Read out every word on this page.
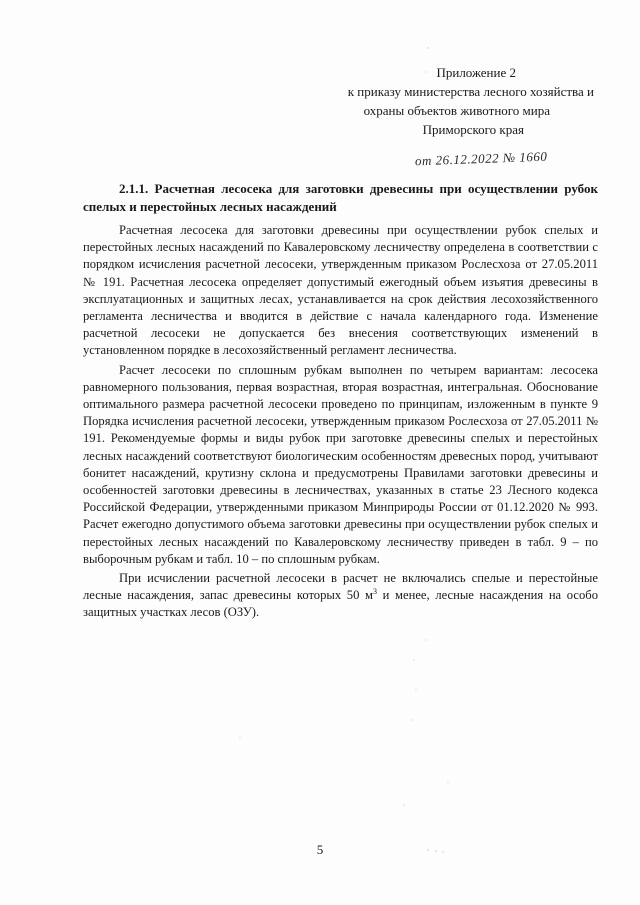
Приложение 2
к приказу министерства лесного хозяйства и
охраны объектов животного мира
Приморского края
от 26.12.2022 № 1660
2.1.1. Расчетная лесосека для заготовки древесины при осуществлении рубок спелых и перестойных лесных насаждений

Расчетная лесосека для заготовки древесины при осуществлении рубок спелых и перестойных лесных насаждений по Кавалеровскому лесничеству определена в соответствии с порядком исчисления расчетной лесосеки, утвержденным приказом Рослесхоза от 27.05.2011 № 191. Расчетная лесосека определяет допустимый ежегодный объем изъятия древесины в эксплуатационных и защитных лесах, устанавливается на срок действия лесохозяйственного регламента лесничества и вводится в действие с начала календарного года. Изменение расчетной лесосеки не допускается без внесения соответствующих изменений в установленном порядке в лесохозяйственный регламент лесничества.

Расчет лесосеки по сплошным рубкам выполнен по четырем вариантам: лесосека равномерного пользования, первая возрастная, вторая возрастная, интегральная. Обоснование оптимального размера расчетной лесосеки проведено по принципам, изложенным в пункте 9 Порядка исчисления расчетной лесосеки, утвержденным приказом Рослесхоза от 27.05.2011 № 191. Рекомендуемые формы и виды рубок при заготовке древесины спелых и перестойных лесных насаждений соответствуют биологическим особенностям древесных пород, учитывают бонитет насаждений, крутизну склона и предусмотрены Правилами заготовки древесины и особенностей заготовки древесины в лесничествах, указанных в статье 23 Лесного кодекса Российской Федерации, утвержденными приказом Минприроды России от 01.12.2020 № 993. Расчет ежегодно допустимого объема заготовки древесины при осуществлении рубок спелых и перестойных лесных насаждений по Кавалеровскому лесничеству приведен в табл. 9 – по выборочным рубкам и табл. 10 – по сплошным рубкам.

При исчислении расчетной лесосеки в расчет не включались спелые и перестойные лесные насаждения, запас древесины которых 50 $м^3$ и менее, лесные насаждения на особо защитных участках лесов (ОЗУ).

5
